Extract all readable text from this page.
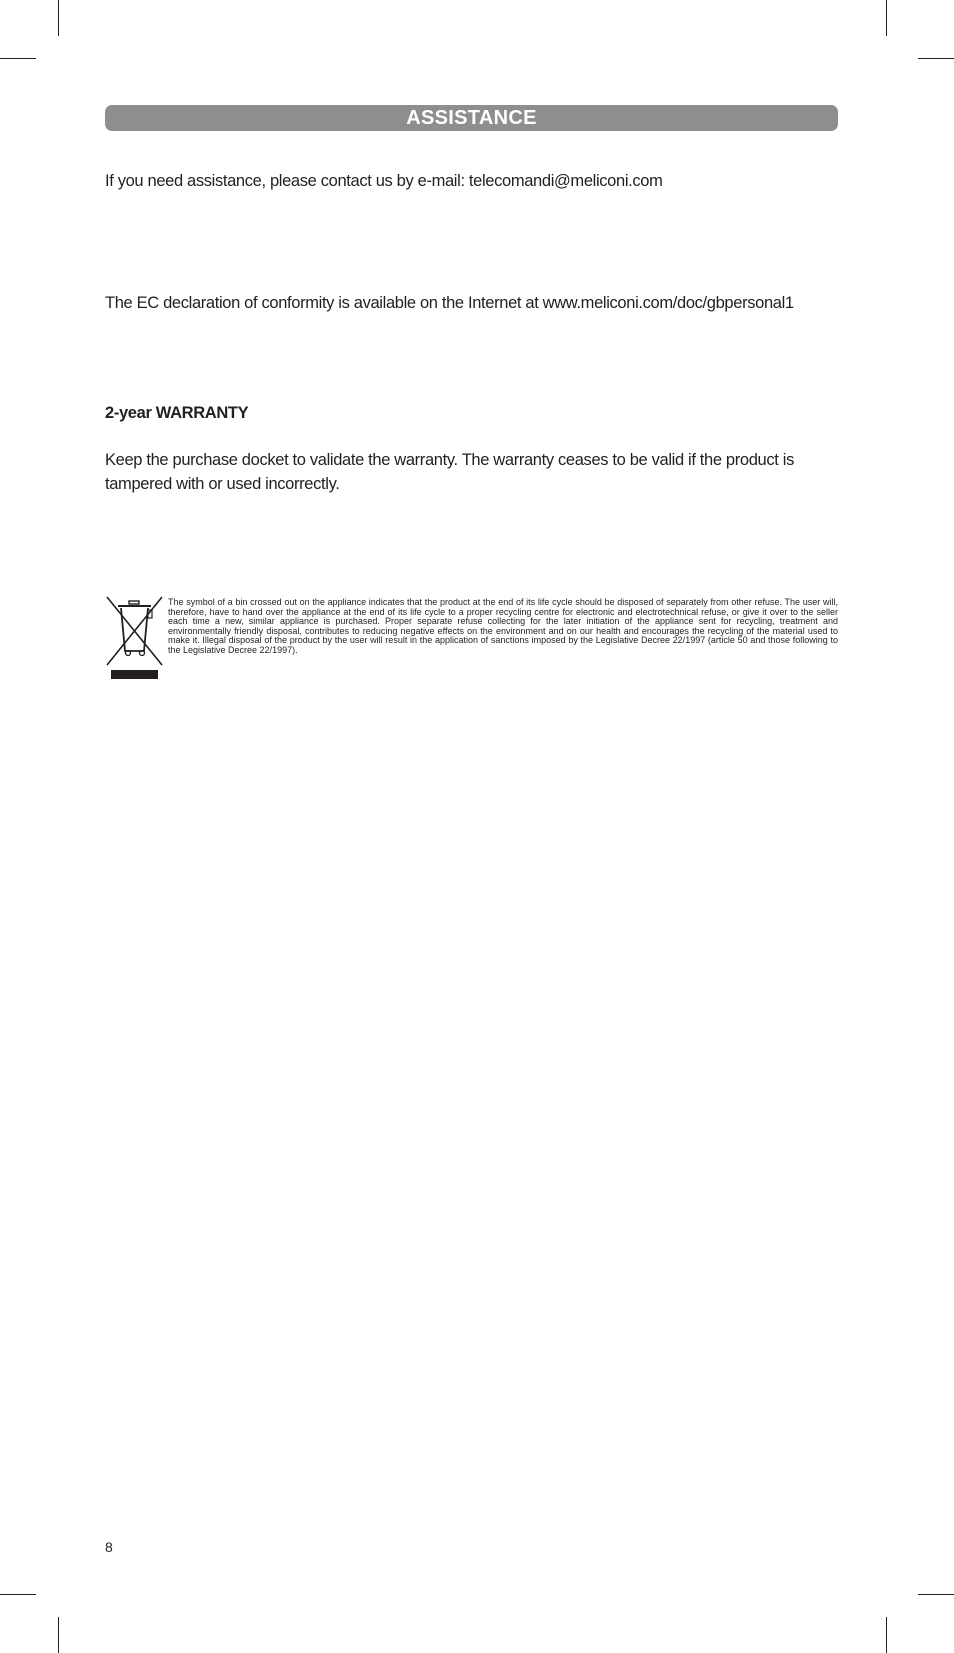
ASSISTANCE
If you need assistance, please contact us by e-mail: telecomandi@meliconi.com
The EC declaration of conformity is available on the Internet at www.meliconi.com/doc/gbpersonal1
2-year WARRANTY
Keep the purchase docket to validate the warranty. The warranty ceases to be valid if the product is tampered with or used incorrectly.
The symbol of a bin crossed out on the appliance indicates that the product at the end of its life cycle should be disposed of separately from other refuse. The user will, therefore, have to hand over the appliance at the end of its life cycle to a proper recycling centre for electronic and electrotechnical refuse, or give it over to the seller each time a new, similar appliance is purchased. Proper separate refuse collecting for the later initiation of the appliance sent for recycling, treatment and environmentally friendly disposal, contributes to reducing negative effects on the environment and on our health and encourages the recycling of the material used to make it. Illegal disposal of the product by the user will result in the application of sanctions imposed by the Legislative Decree 22/1997 (article 50 and those following to the Legislative Decree 22/1997).
8
